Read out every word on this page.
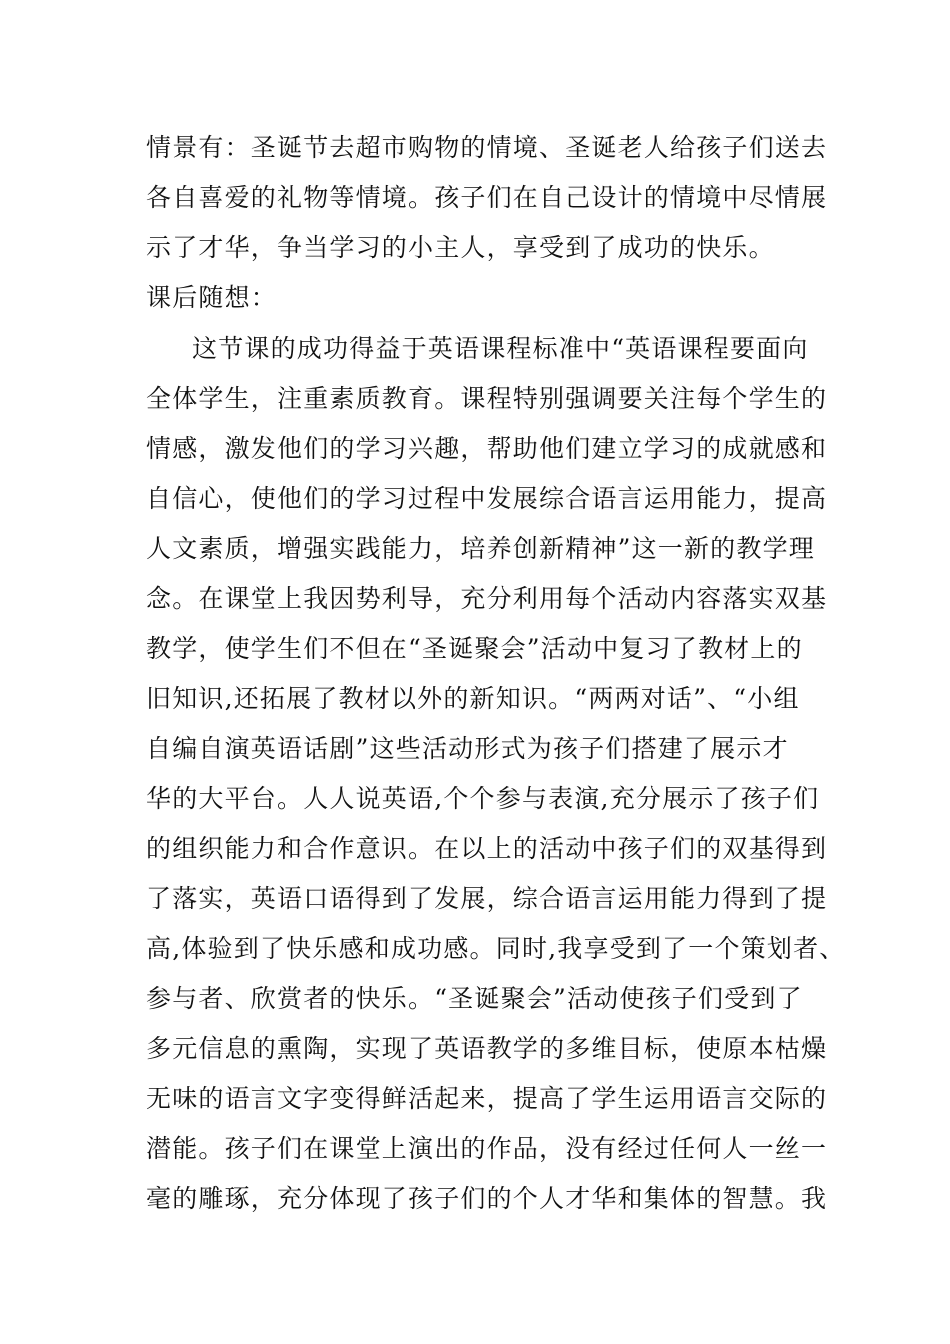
情景有：圣诞节去超市购物的情境、圣诞老人给孩子们送去
各自喜爱的礼物等情境。孩子们在自己设计的情境中尽情展
示了才华，争当学习的小主人，享受到了成功的快乐。
课后随想：
这节课的成功得益于英语课程标准中“英语课程要面向
全体学生，注重素质教育。课程特别强调要关注每个学生的
情感，激发他们的学习兴趣，帮助他们建立学习的成就感和
自信心，使他们的学习过程中发展综合语言运用能力，提高
人文素质，增强实践能力，培养创新精神”这一新的教学理
念。在课堂上我因势利导，充分利用每个活动内容落实双基
教学，使学生们不但在“圣诞聚会”活动中复习了教材上的
旧知识,还拓展了教材以外的新知识。“两两对话”、“小组
自编自演英语话剧”这些活动形式为孩子们搭建了展示才
华的大平台。人人说英语,个个参与表演,充分展示了孩子们
的组织能力和合作意识。在以上的活动中孩子们的双基得到
了落实，英语口语得到了发展，综合语言运用能力得到了提
高,体验到了快乐感和成功感。同时,我享受到了一个策划者、
参与者、欣赏者的快乐。“圣诞聚会”活动使孩子们受到了
多元信息的熏陶，实现了英语教学的多维目标，使原本枯燥
无味的语言文字变得鲜活起来，提高了学生运用语言交际的
潜能。孩子们在课堂上演出的作品，没有经过任何人一丝一
毫的雕琢，充分体现了孩子们的个人才华和集体的智慧。我
